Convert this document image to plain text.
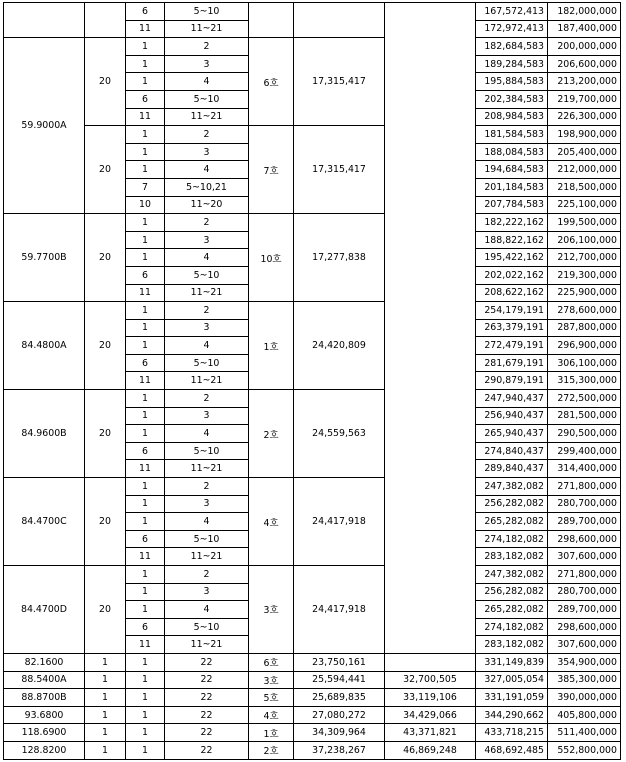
		6	5~10				167,572,413	182,000,000
		11	11~21				172,972,413	187,400,000
59.9000A	20	1	2	6호	17,315,417		182,684,583	200,000,000
		1	3				189,284,583	206,600,000
		1	4				195,884,583	213,200,000
		6	5~10				202,384,583	219,700,000
		11	11~21				208,984,583	226,300,000
	20	1	2	7호	17,315,417		181,584,583	198,900,000
		1	3				188,084,583	205,400,000
		1	4				194,684,583	212,000,000
		7	5~10,21				201,184,583	218,500,000
		10	11~20				207,784,583	225,100,000
59.7700B	20	1	2	10호	17,277,838		182,222,162	199,500,000
		1	3				188,822,162	206,100,000
		1	4				195,422,162	212,700,000
		6	5~10				202,022,162	219,300,000
		11	11~21				208,622,162	225,900,000
84.4800A	20	1	2	1호	24,420,809		254,179,191	278,600,000
		1	3				263,379,191	287,800,000
		1	4				272,479,191	296,900,000
		6	5~10				281,679,191	306,100,000
		11	11~21				290,879,191	315,300,000
84.9600B	20	1	2	2호	24,559,563		247,940,437	272,500,000
		1	3				256,940,437	281,500,000
		1	4				265,940,437	290,500,000
		6	5~10				274,840,437	299,400,000
		11	11~21				289,840,437	314,400,000
84.4700C	20	1	2	4호	24,417,918		247,382,082	271,800,000
		1	3				256,282,082	280,700,000
		1	4				265,282,082	289,700,000
		6	5~10				274,182,082	298,600,000
		11	11~21				283,182,082	307,600,000
84.4700D	20	1	2	3호	24,417,918		247,382,082	271,800,000
		1	3				256,282,082	280,700,000
		1	4				265,282,082	289,700,000
		6	5~10				274,182,082	298,600,000
		11	11~21				283,182,082	307,600,000
82.1600	1	1	22	6호	23,750,161		331,149,839	354,900,000
88.5400A	1	1	22	3호	25,594,441	32,700,505	327,005,054	385,300,000
88.8700B	1	1	22	5호	25,689,835	33,119,106	331,191,059	390,000,000
93.6800	1	1	22	4호	27,080,272	34,429,066	344,290,662	405,800,000
118.6900	1	1	22	1호	34,309,964	43,371,821	433,718,215	511,400,000
128.8200	1	1	22	2호	37,238,267	46,869,248	468,692,485	552,800,000
